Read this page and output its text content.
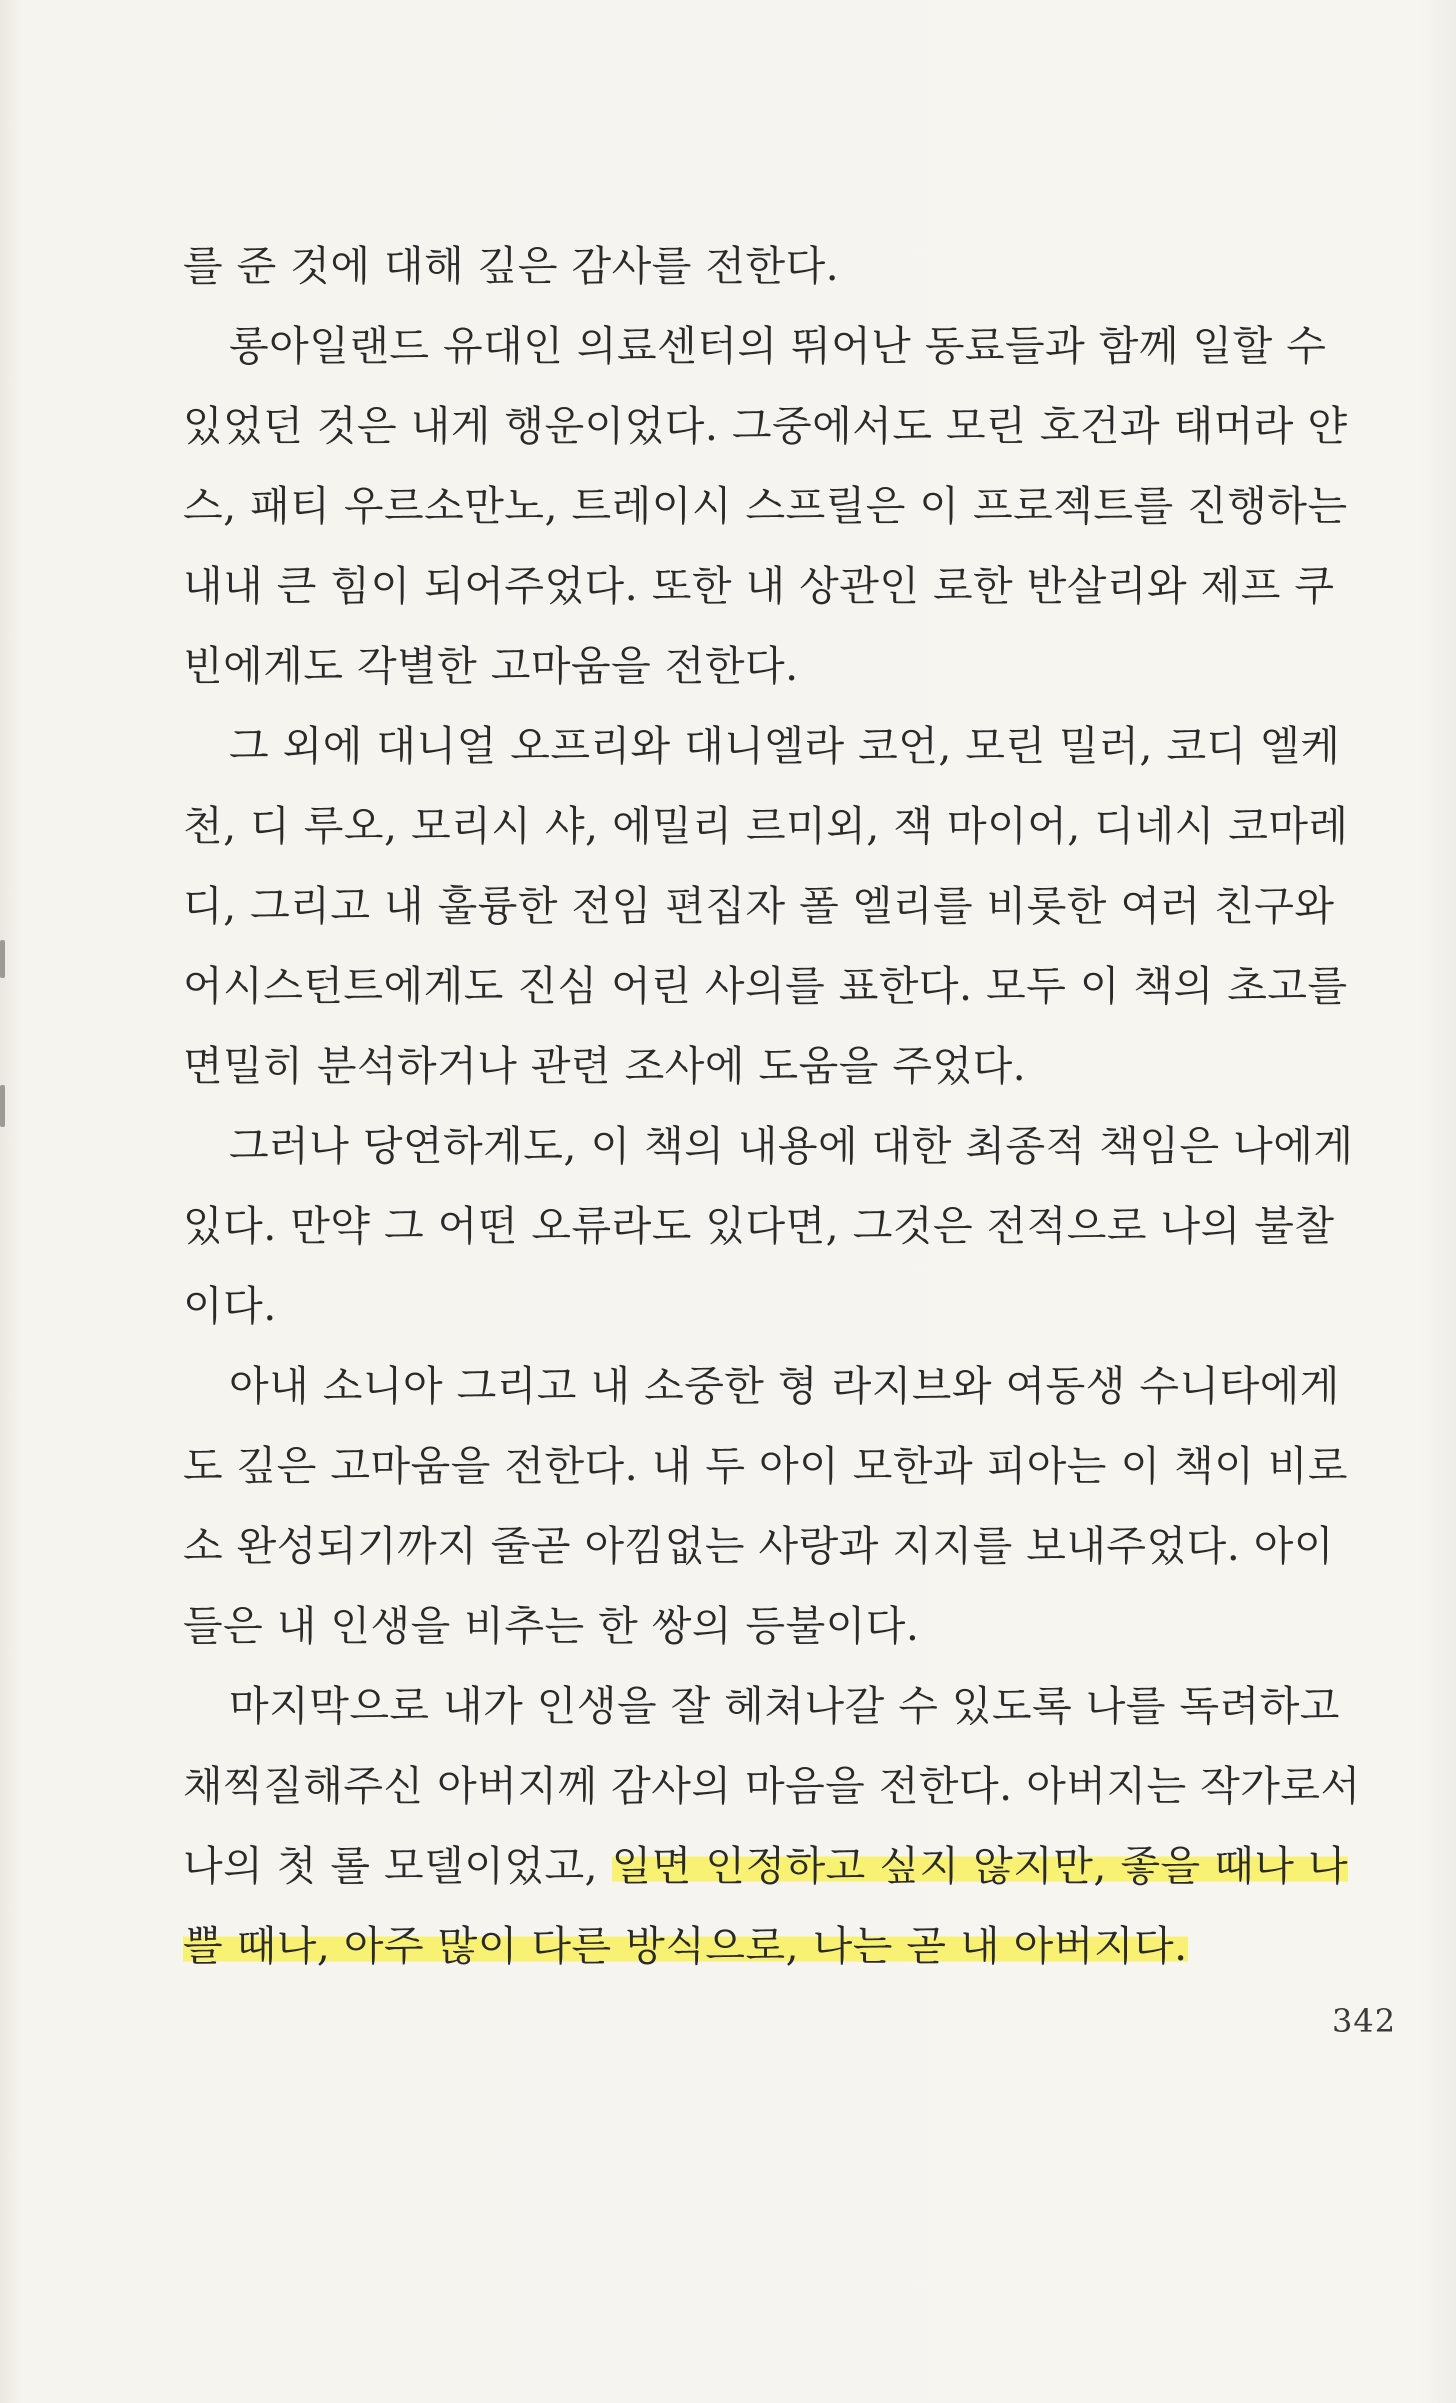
를 준 것에 대해 깊은 감사를 전한다.
롱아일랜드 유대인 의료센터의 뛰어난 동료들과 함께 일할 수
있었던 것은 내게 행운이었다. 그중에서도 모린 호건과 태머라 얀
스, 패티 우르소만노, 트레이시 스프릴은 이 프로젝트를 진행하는
내내 큰 힘이 되어주었다. 또한 내 상관인 로한 반살리와 제프 쿠
빈에게도 각별한 고마움을 전한다.
그 외에 대니얼 오프리와 대니엘라 코언, 모린 밀러, 코디 엘케
천, 디 루오, 모리시 샤, 에밀리 르미외, 잭 마이어, 디네시 코마레
디, 그리고 내 훌륭한 전임 편집자 폴 엘리를 비롯한 여러 친구와
어시스턴트에게도 진심 어린 사의를 표한다. 모두 이 책의 초고를
면밀히 분석하거나 관련 조사에 도움을 주었다.
그러나 당연하게도, 이 책의 내용에 대한 최종적 책임은 나에게
있다. 만약 그 어떤 오류라도 있다면, 그것은 전적으로 나의 불찰
이다.
아내 소니아 그리고 내 소중한 형 라지브와 여동생 수니타에게
도 깊은 고마움을 전한다. 내 두 아이 모한과 피아는 이 책이 비로
소 완성되기까지 줄곧 아낌없는 사랑과 지지를 보내주었다. 아이
들은 내 인생을 비추는 한 쌍의 등불이다.
마지막으로 내가 인생을 잘 헤쳐나갈 수 있도록 나를 독려하고
채찍질해주신 아버지께 감사의 마음을 전한다. 아버지는 작가로서
나의 첫 롤 모델이었고, 일면 인정하고 싶지 않지만, 좋을 때나 나
쁠 때나, 아주 많이 다른 방식으로, 나는 곧 내 아버지다.
342
